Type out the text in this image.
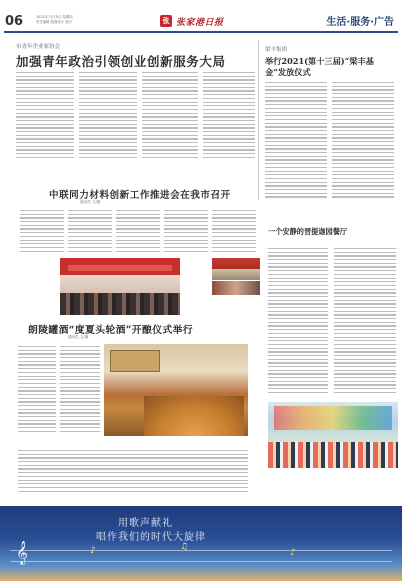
06	2021年7月15日 星期四
责任编辑 版面设计 校对	张 张家港日报	生活·服务·广告
市青年企业家协会
加强青年政治引领创业创新服务大局
梁丰集团
举行2021(第十三届)“梁丰基金”发放仪式
中联同力材料创新工作推进会在我市召开
通讯员 文/摄
朗陵罐酒“度夏头轮酒”开酿仪式举行
通讯员 文/摄
一个安静的晋提迦园餐厅
用歌声献礼
唱作我们的时代大旋律
𝄞	♪	♫
♪
